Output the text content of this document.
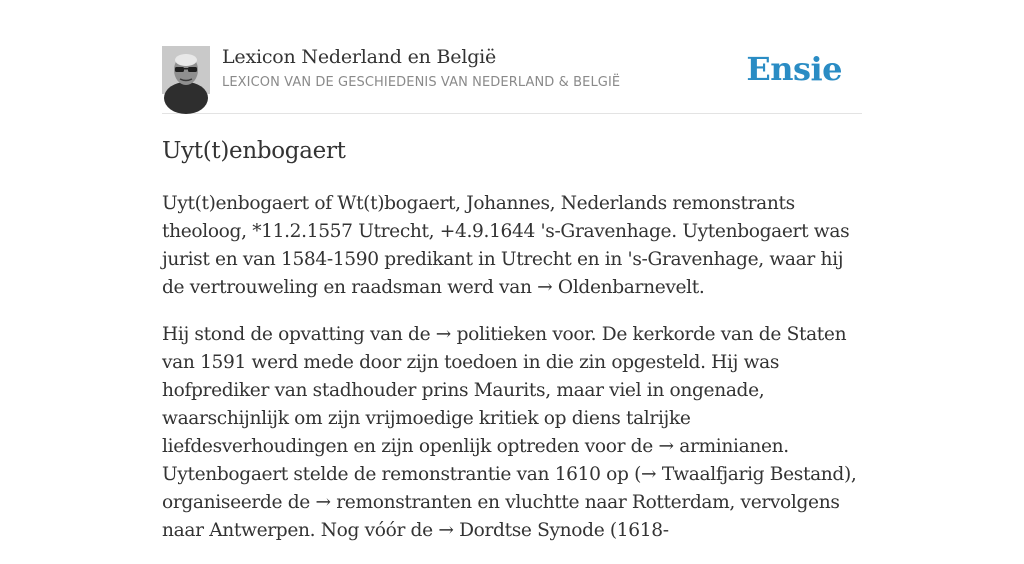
Lexicon Nederland en België
LEXICON VAN DE GESCHIEDENIS VAN NEDERLAND & BELGIË	Ensie
Uyt(t)enbogaert

Uyt(t)enbogaert of Wt(t)bogaert, Johannes, Nederlands remonstrants theoloog, *11.2.1557 Utrecht, +4.9.1644 's-Gravenhage. Uytenbogaert was jurist en van 1584-1590 predikant in Utrecht en in 's-Gravenhage, waar hij de vertrouweling en raadsman werd van → Oldenbarnevelt.

Hij stond de opvatting van de → politieken voor. De kerkorde van de Staten van 1591 werd mede door zijn toedoen in die zin opgesteld. Hij was hofprediker van stadhouder prins Maurits, maar viel in ongenade, waarschijnlijk om zijn vrijmoedige kritiek op diens talrijke liefdesverhoudingen en zijn openlijk optreden voor de → arminianen. Uytenbogaert stelde de remonstrantie van 1610 op (→ Twaalfjarig Bestand), organiseerde de → remonstranten en vluchtte naar Rotterdam, vervolgens naar Antwerpen. Nog vóór de → Dordtse Synode (1618-
